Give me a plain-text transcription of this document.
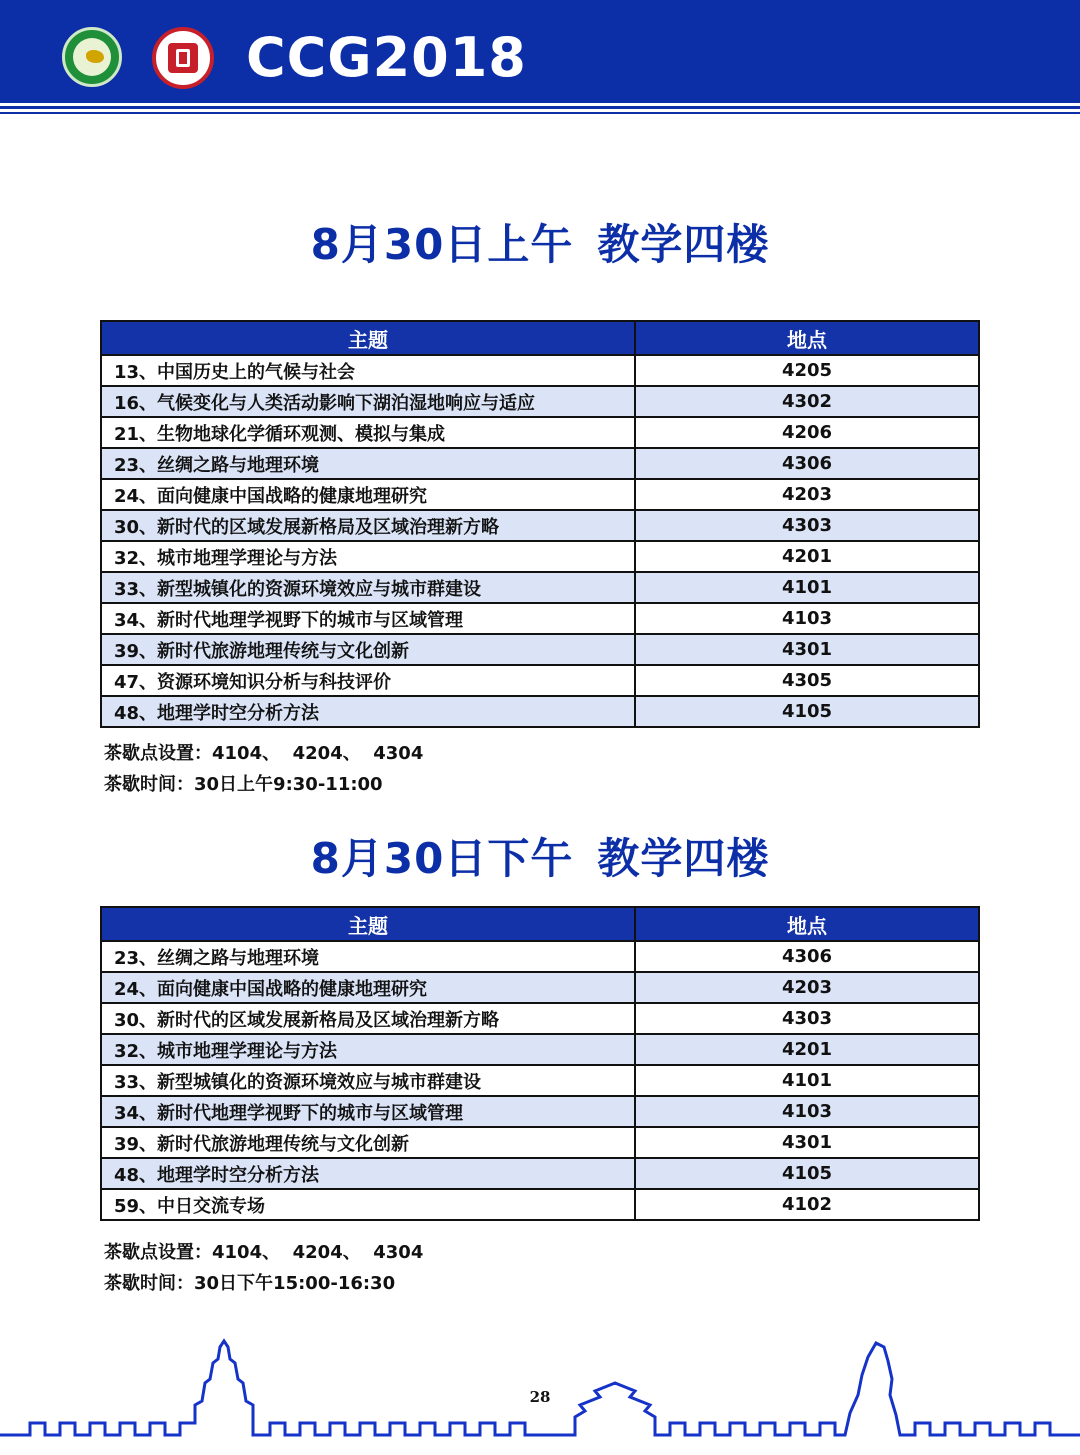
CCG2018
8月30日上午 教学四楼
主题	地点
13、中国历史上的气候与社会	4205
16、气候变化与人类活动影响下湖泊湿地响应与适应	4302
21、生物地球化学循环观测、模拟与集成	4206
23、丝绸之路与地理环境	4306
24、面向健康中国战略的健康地理研究	4203
30、新时代的区域发展新格局及区域治理新方略	4303
32、城市地理学理论与方法	4201
33、新型城镇化的资源环境效应与城市群建设	4101
34、新时代地理学视野下的城市与区域管理	4103
39、新时代旅游地理传统与文化创新	4301
47、资源环境知识分析与科技评价	4305
48、地理学时空分析方法	4105
茶歇点设置：4104、  4204、  4304
茶歇时间：30日上午9:30-11:00
8月30日下午 教学四楼
主题	地点
23、丝绸之路与地理环境	4306
24、面向健康中国战略的健康地理研究	4203
30、新时代的区域发展新格局及区域治理新方略	4303
32、城市地理学理论与方法	4201
33、新型城镇化的资源环境效应与城市群建设	4101
34、新时代地理学视野下的城市与区域管理	4103
39、新时代旅游地理传统与文化创新	4301
48、地理学时空分析方法	4105
59、中日交流专场	4102
茶歇点设置：4104、  4204、  4304
茶歇时间：30日下午15:00-16:30
28
